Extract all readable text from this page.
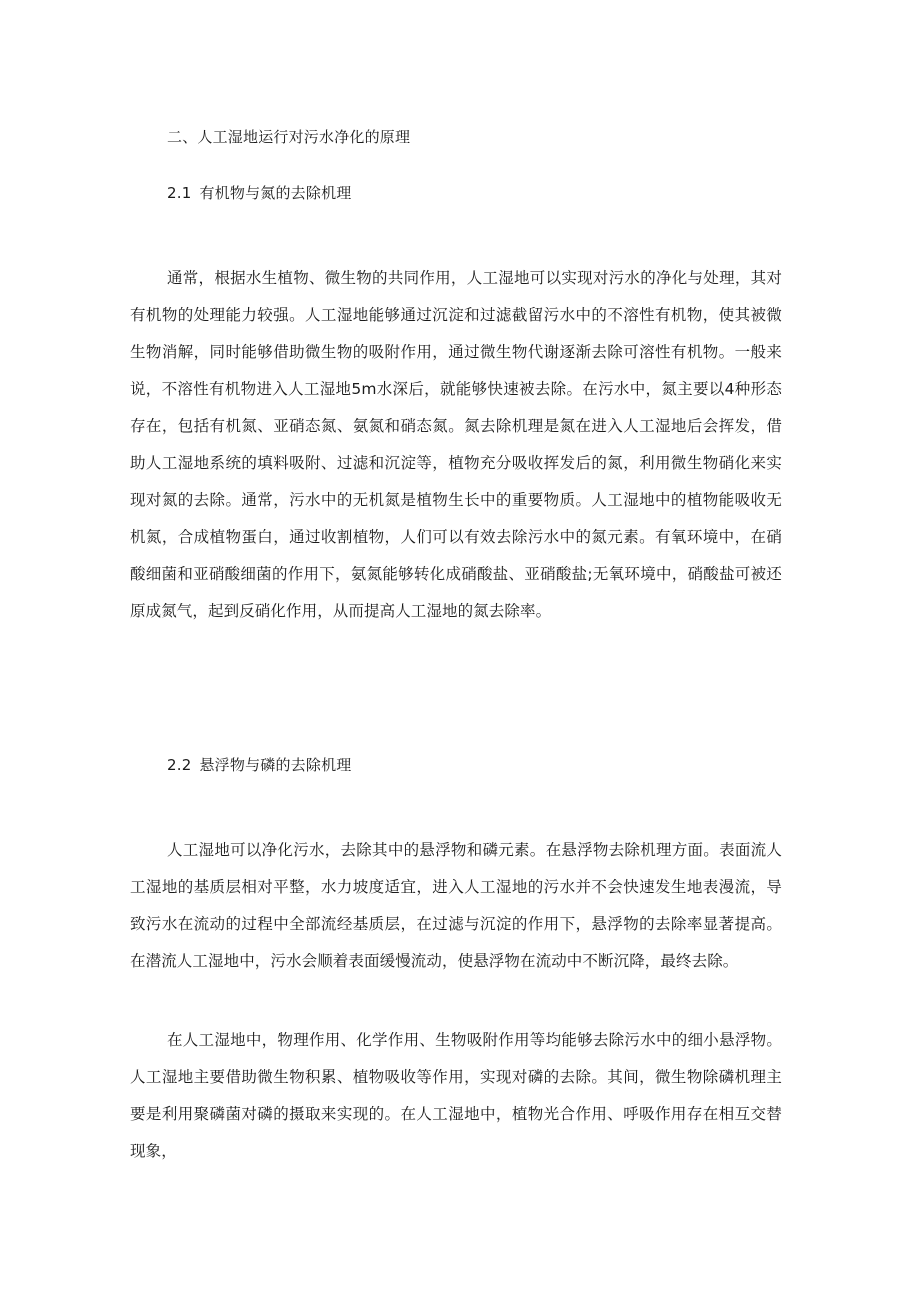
二、人工湿地运行对污水净化的原理
2.1 有机物与氮的去除机理

通常，根据水生植物、微生物的共同作用，人工湿地可以实现对污水的净化与处理，其对有机物的处理能力较强。人工湿地能够通过沉淀和过滤截留污水中的不溶性有机物，使其被微生物消解，同时能够借助微生物的吸附作用，通过微生物代谢逐渐去除可溶性有机物。一般来说，不溶性有机物进入人工湿地5m水深后，就能够快速被去除。在污水中，氮主要以4种形态存在，包括有机氮、亚硝态氮、氨氮和硝态氮。氮去除机理是氮在进入人工湿地后会挥发，借助人工湿地系统的填料吸附、过滤和沉淀等，植物充分吸收挥发后的氮，利用微生物硝化来实现对氮的去除。通常，污水中的无机氮是植物生长中的重要物质。人工湿地中的植物能吸收无机氮，合成植物蛋白，通过收割植物，人们可以有效去除污水中的氮元素。有氧环境中，在硝酸细菌和亚硝酸细菌的作用下，氨氮能够转化成硝酸盐、亚硝酸盐;无氧环境中，硝酸盐可被还原成氮气，起到反硝化作用，从而提高人工湿地的氮去除率。

2.2 悬浮物与磷的去除机理

人工湿地可以净化污水，去除其中的悬浮物和磷元素。在悬浮物去除机理方面。表面流人工湿地的基质层相对平整，水力坡度适宜，进入人工湿地的污水并不会快速发生地表漫流，导致污水在流动的过程中全部流经基质层，在过滤与沉淀的作用下，悬浮物的去除率显著提高。在潜流人工湿地中，污水会顺着表面缓慢流动，使悬浮物在流动中不断沉降，最终去除。

在人工湿地中，物理作用、化学作用、生物吸附作用等均能够去除污水中的细小悬浮物。人工湿地主要借助微生物积累、植物吸收等作用，实现对磷的去除。其间，微生物除磷机理主要是利用聚磷菌对磷的摄取来实现的。在人工湿地中，植物光合作用、呼吸作用存在相互交替现象，
